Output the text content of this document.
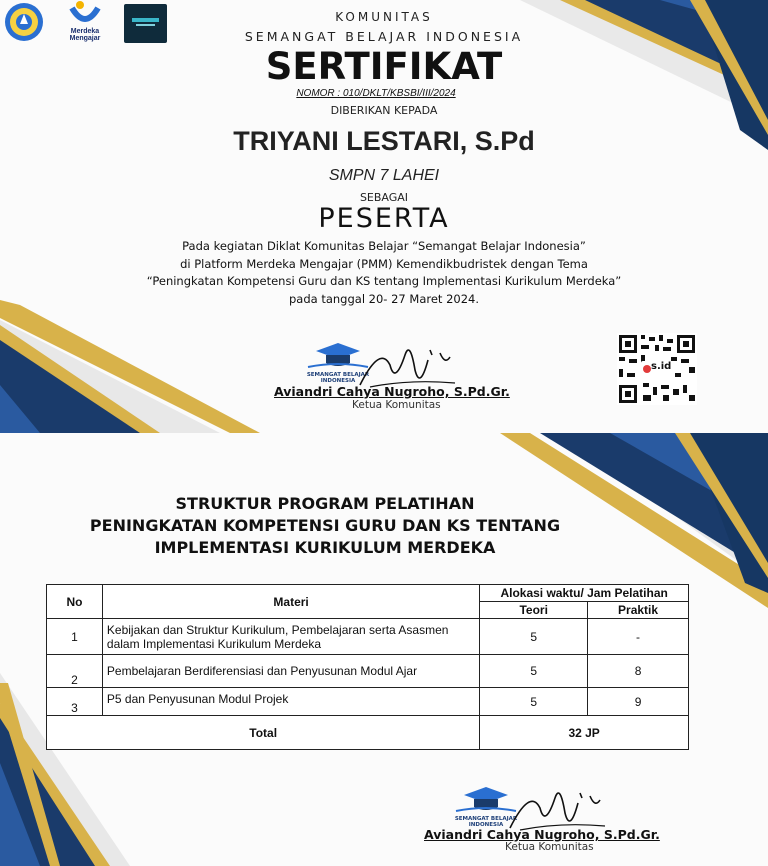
Merdeka
Mengajar
KOMUNITAS
SEMANGAT BELAJAR INDONESIA
SERTIFIKAT
NOMOR : 010/DKLT/KBSBI/III/2024
DIBERIKAN KEPADA
TRIYANI LESTARI, S.Pd
SMPN 7 LAHEI
SEBAGAI
PESERTA
Pada kegiatan Diklat Komunitas Belajar “Semangat Belajar Indonesia”
di Platform Merdeka Mengajar (PMM) Kemendikbudristek dengan Tema
“Peningkatan Kompetensi Guru dan KS tentang Implementasi Kurikulum Merdeka”
pada tanggal 20- 27 Maret 2024.
SEMANGAT BELAJAR
INDONESIA
Aviandri Cahya Nugroho, S.Pd.Gr.
Ketua Komunitas
s.id
STRUKTUR PROGRAM PELATIHAN
PENINGKATAN KOMPETENSI GURU DAN KS TENTANG
IMPLEMENTASI KURIKULUM MERDEKA
No	Materi	Alokasi waktu/ Jam Pelatihan	
		Teori	Praktik
1	Kebijakan dan Struktur Kurikulum, Pembelajaran serta Asasmen dalam Implementasi Kurikulum Merdeka	5	-
2	Pembelajaran Berdiferensiasi dan Penyusunan Modul Ajar	5	8
3	P5 dan Penyusunan Modul Projek	5	9
Total		32 JP	
SEMANGAT BELAJAR
INDONESIA
Aviandri Cahya Nugroho, S.Pd.Gr.
Ketua Komunitas
